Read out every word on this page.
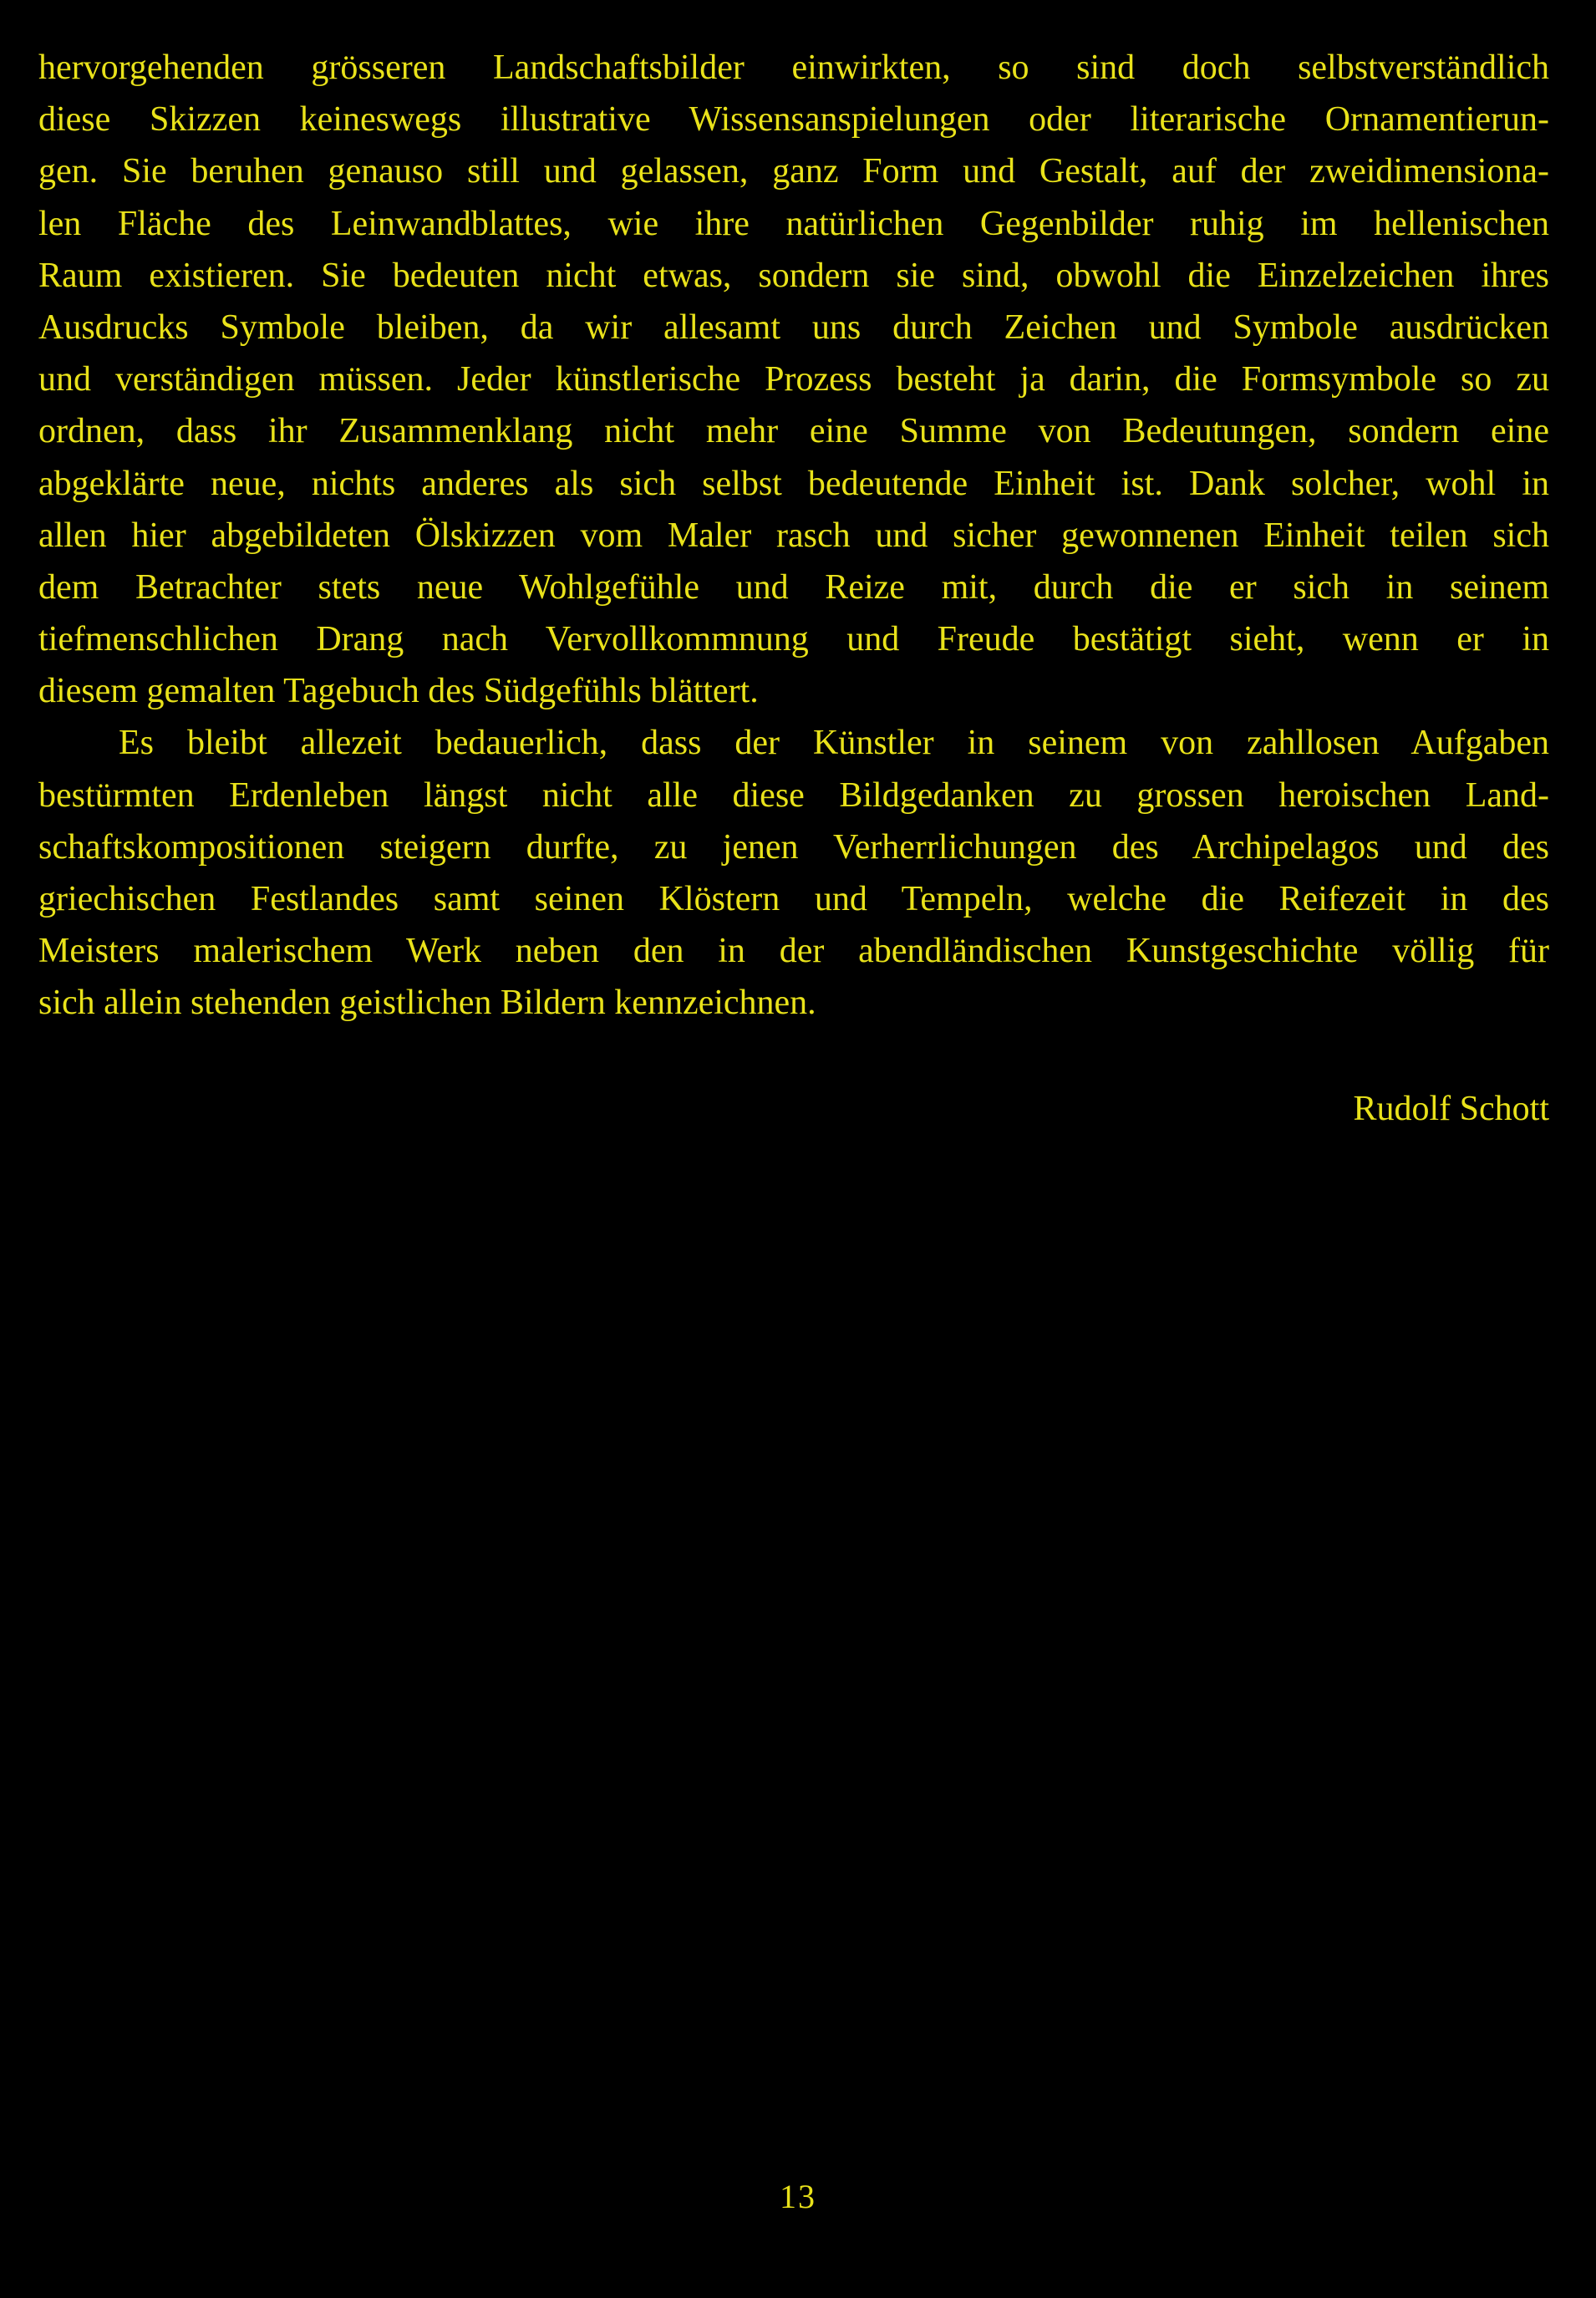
hervorgehenden grösseren Landschaftsbilder einwirkten, so sind doch selbstverständlich
diese Skizzen keineswegs illustrative Wissensanspielungen oder literarische Ornamentierun-
gen. Sie beruhen genauso still und gelassen, ganz Form und Gestalt, auf der zweidimensiona-
len Fläche des Leinwandblattes, wie ihre natürlichen Gegenbilder ruhig im hellenischen
Raum existieren. Sie bedeuten nicht etwas, sondern sie sind, obwohl die Einzelzeichen ihres
Ausdrucks Symbole bleiben, da wir allesamt uns durch Zeichen und Symbole ausdrücken
und verständigen müssen. Jeder künstlerische Prozess besteht ja darin, die Formsymbole so zu
ordnen, dass ihr Zusammenklang nicht mehr eine Summe von Bedeutungen, sondern eine
abgeklärte neue, nichts anderes als sich selbst bedeutende Einheit ist. Dank solcher, wohl in
allen hier abgebildeten Ölskizzen vom Maler rasch und sicher gewonnenen Einheit teilen sich
dem Betrachter stets neue Wohlgefühle und Reize mit, durch die er sich in seinem
tiefmenschlichen Drang nach Vervollkommnung und Freude bestätigt sieht, wenn er in
diesem gemalten Tagebuch des Südgefühls blättert.
Es bleibt allezeit bedauerlich, dass der Künstler in seinem von zahllosen Aufgaben
bestürmten Erdenleben längst nicht alle diese Bildgedanken zu grossen heroischen Land-
schaftskompositionen steigern durfte, zu jenen Verherrlichungen des Archipelagos und des
griechischen Festlandes samt seinen Klöstern und Tempeln, welche die Reifezeit in des
Meisters malerischem Werk neben den in der abendländischen Kunstgeschichte völlig für
sich allein stehenden geistlichen Bildern kennzeichnen.
Rudolf Schott
13
